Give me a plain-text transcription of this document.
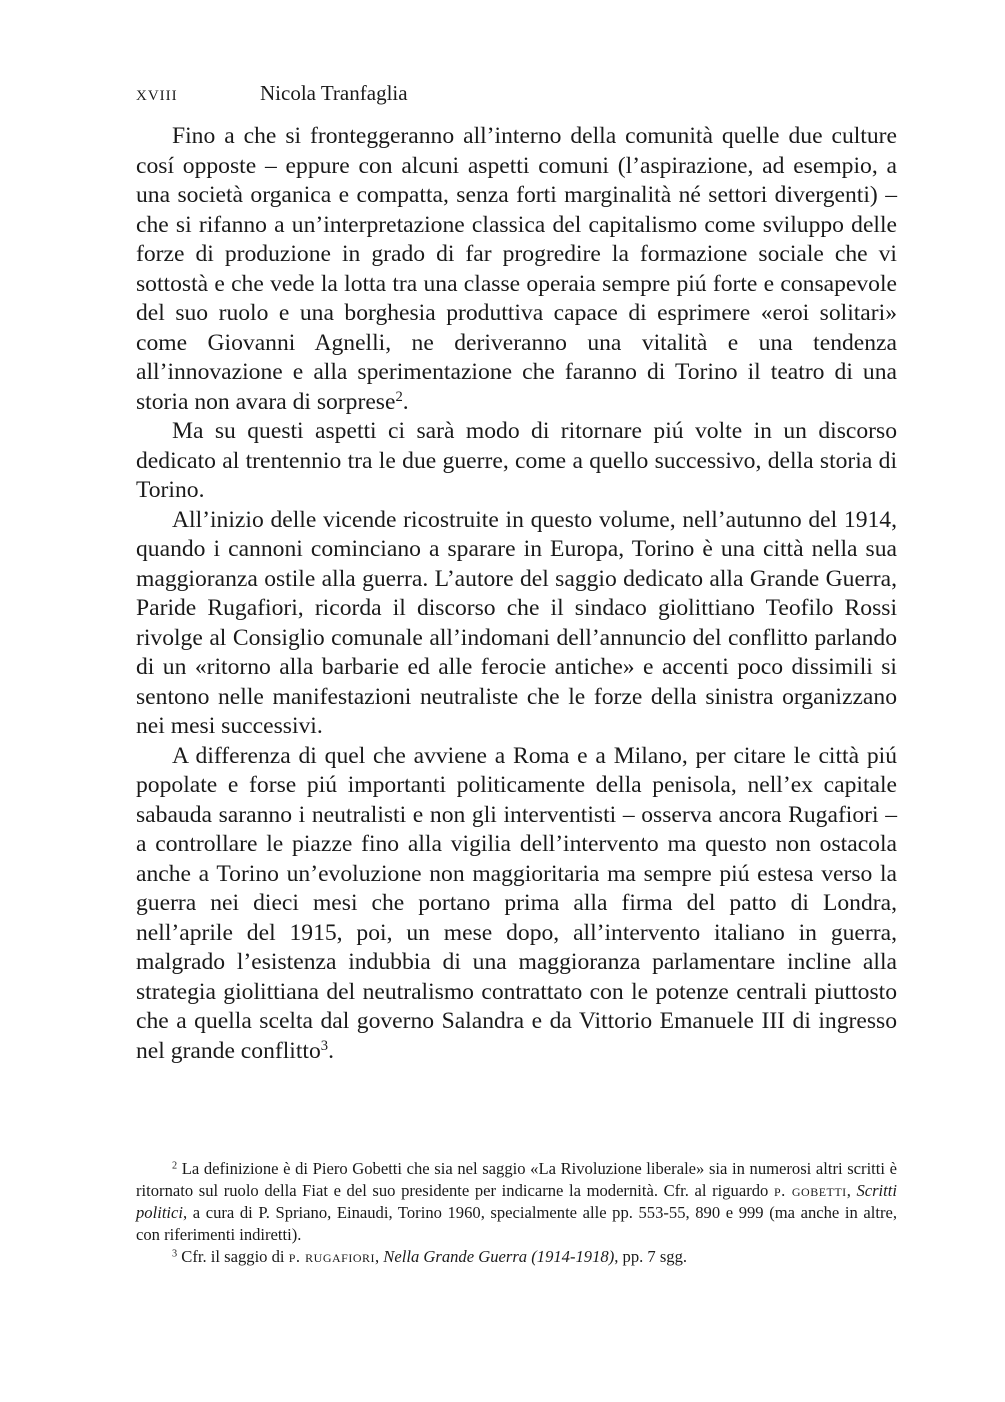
xviii	Nicola Tranfaglia

Fino a che si fronteggeranno all’interno della comunità quelle due culture cosí opposte – eppure con alcuni aspetti comuni (l’aspirazione, ad esempio, a una società organica e compatta, senza forti marginalità né settori divergenti) – che si rifanno a un’interpretazione classica del capitalismo come sviluppo delle forze di produzione in grado di far progredire la formazione sociale che vi sottostà e che vede la lotta tra una classe operaia sempre piú forte e consapevole del suo ruolo e una borghesia produttiva capace di esprimere «eroi solitari» come Giovanni Agnelli, ne deriveranno una vitalità e una tendenza all’innovazione e alla sperimentazione che faranno di Torino il teatro di una storia non avara di sorprese$^2$.

Ma su questi aspetti ci sarà modo di ritornare piú volte in un discorso dedicato al trentennio tra le due guerre, come a quello successivo, della storia di Torino.

All’inizio delle vicende ricostruite in questo volume, nell’autunno del 1914, quando i cannoni cominciano a sparare in Europa, Torino è una città nella sua maggioranza ostile alla guerra. L’autore del saggio dedicato alla Grande Guerra, Paride Rugafiori, ricorda il discorso che il sindaco giolittiano Teofilo Rossi rivolge al Consiglio comunale all’indomani dell’annuncio del conflitto parlando di un «ritorno alla barbarie ed alle ferocie antiche» e accenti poco dissimili si sentono nelle manifestazioni neutraliste che le forze della sinistra organizzano nei mesi successivi.

A differenza di quel che avviene a Roma e a Milano, per citare le città piú popolate e forse piú importanti politicamente della penisola, nell’ex capitale sabauda saranno i neutralisti e non gli interventisti – osserva ancora Rugafiori – a controllare le piazze fino alla vigilia dell’intervento ma questo non ostacola anche a Torino un’evoluzione non maggioritaria ma sempre piú estesa verso la guerra nei dieci mesi che portano prima alla firma del patto di Londra, nell’aprile del 1915, poi, un mese dopo, all’intervento italiano in guerra, malgrado l’esistenza indubbia di una maggioranza parlamentare incline alla strategia giolittiana del neutralismo contrattato con le potenze centrali piuttosto che a quella scelta dal governo Salandra e da Vittorio Emanuele III di ingresso nel grande conflitto$^3$.

$^2$ La definizione è di Piero Gobetti che sia nel saggio «La Rivoluzione liberale» sia in numerosi altri scritti è ritornato sul ruolo della Fiat e del suo presidente per indicarne la modernità. Cfr. al riguardo p. gobetti, Scritti politici, a cura di P. Spriano, Einaudi, Torino 1960, specialmente alle pp. 553-55, 890 e 999 (ma anche in altre, con riferimenti indiretti).

$^3$ Cfr. il saggio di p. rugafiori, Nella Grande Guerra (1914-1918), pp. 7 sgg.
